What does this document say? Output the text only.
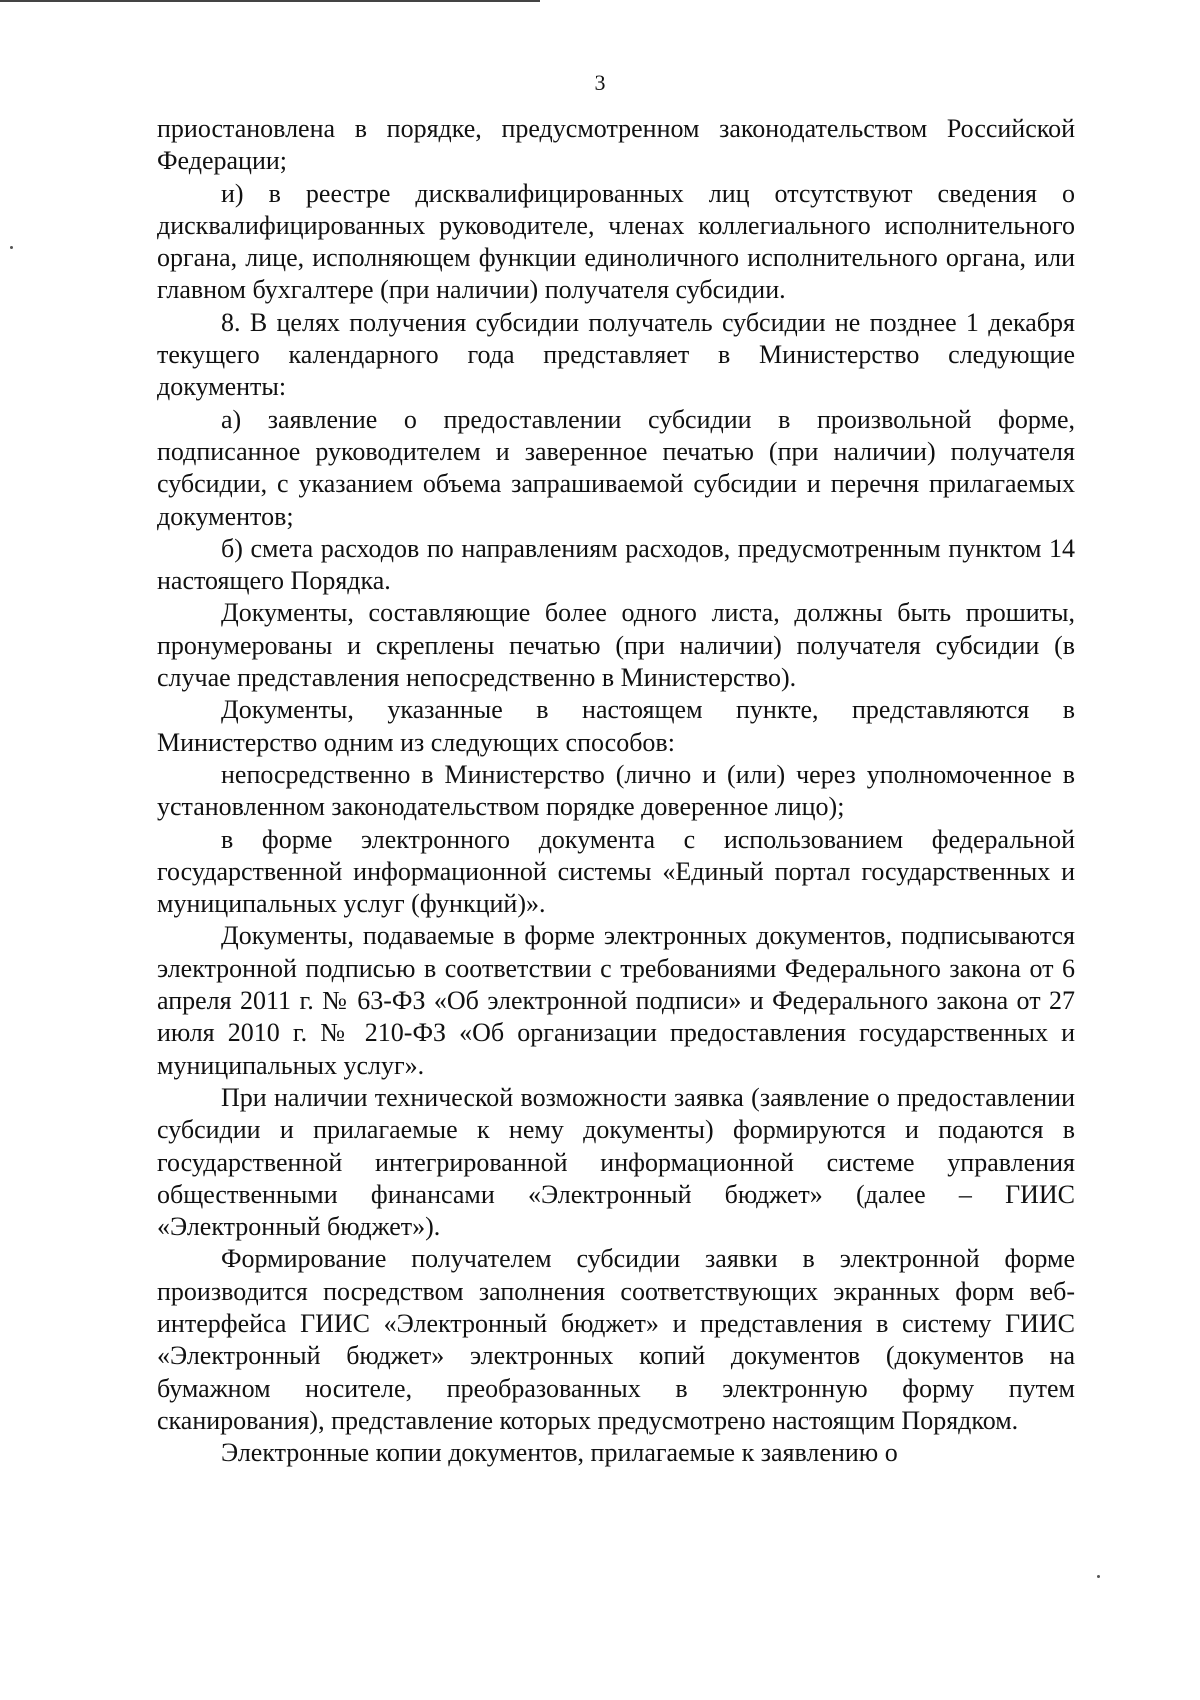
3

приостановлена в порядке, предусмотренном законодательством Российской Федерации;

и) в реестре дисквалифицированных лиц отсутствуют сведения о дисквалифицированных руководителе, членах коллегиального исполнительного органа, лице, исполняющем функции единоличного исполнительного органа, или главном бухгалтере (при наличии) получателя субсидии.

8. В целях получения субсидии получатель субсидии не позднее 1 декабря текущего календарного года представляет в Министерство следующие документы:

а) заявление о предоставлении субсидии в произвольной форме, подписанное руководителем и заверенное печатью (при наличии) получателя субсидии, с указанием объема запрашиваемой субсидии и перечня прилагаемых документов;

б) смета расходов по направлениям расходов, предусмотренным пунктом 14 настоящего Порядка.

Документы, составляющие более одного листа, должны быть прошиты, пронумерованы и скреплены печатью (при наличии) получателя субсидии (в случае представления непосредственно в Министерство).

Документы, указанные в настоящем пункте, представляются в Министерство одним из следующих способов:

непосредственно в Министерство (лично и (или) через уполномоченное в установленном законодательством порядке доверенное лицо);

в форме электронного документа с использованием федеральной государственной информационной системы «Единый портал государственных и муниципальных услуг (функций)».

Документы, подаваемые в форме электронных документов, подписываются электронной подписью в соответствии с требованиями Федерального закона от 6 апреля 2011 г. № 63-ФЗ «Об электронной подписи» и Федерального закона от 27 июля 2010 г. № 210-ФЗ «Об организации предоставления государственных и муниципальных услуг».

При наличии технической возможности заявка (заявление о предоставлении субсидии и прилагаемые к нему документы) формируются и подаются в государственной интегрированной информационной системе управления общественными финансами «Электронный бюджет» (далее – ГИИС «Электронный бюджет»).

Формирование получателем субсидии заявки в электронной форме производится посредством заполнения соответствующих экранных форм веб-интерфейса ГИИС «Электронный бюджет» и представления в систему ГИИС «Электронный бюджет» электронных копий документов (документов на бумажном носителе, преобразованных в электронную форму путем сканирования), представление которых предусмотрено настоящим Порядком.

Электронные копии документов, прилагаемые к заявлению о
